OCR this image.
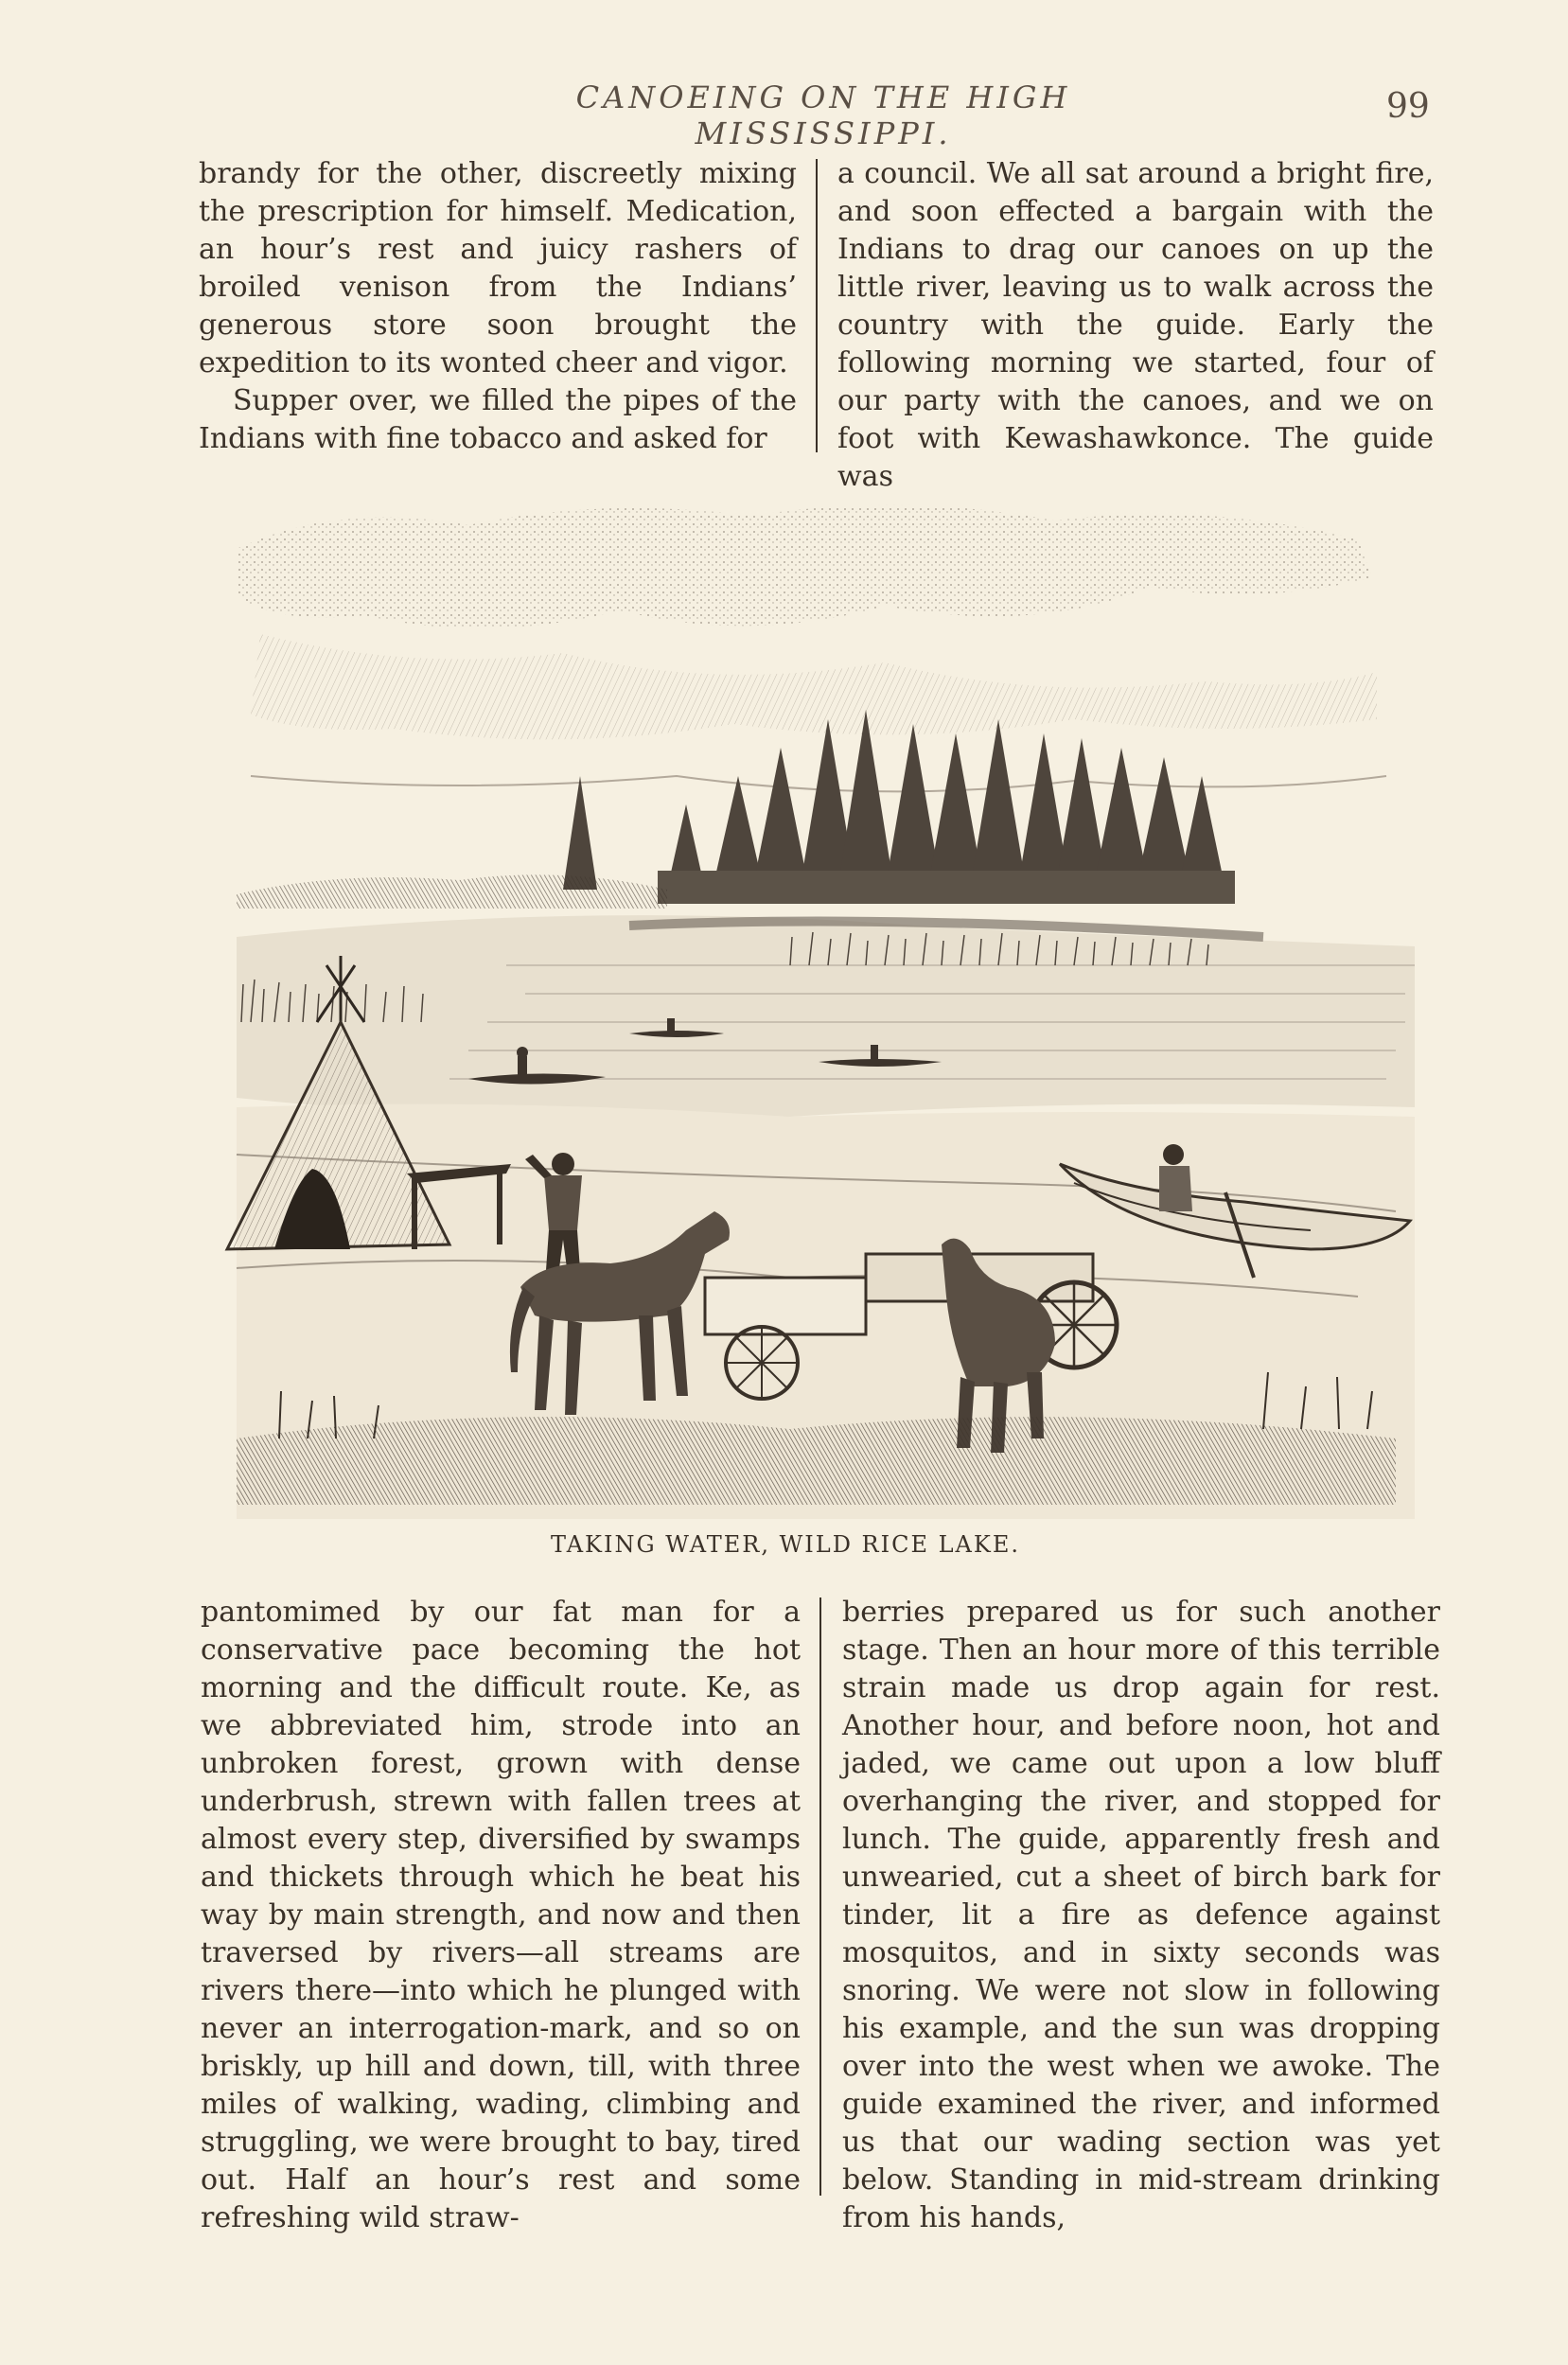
CANOEING ON THE HIGH MISSISSIPPI.
99

brandy for the other, discreetly mixing the prescription for himself. Medication, an hour’s rest and juicy rashers of broiled venison from the Indians’ generous store soon brought the expedition to its wonted cheer and vigor.

Supper over, we filled the pipes of the Indians with fine tobacco and asked for

a council. We all sat around a bright fire, and soon effected a bargain with the Indians to drag our canoes on up the little river, leaving us to walk across the country with the guide. Early the following morning we started, four of our party with the canoes, and we on foot with Kewashawkonce. The guide was

TAKING WATER, WILD RICE LAKE.

pantomimed by our fat man for a conservative pace becoming the hot morning and the difficult route. Ke, as we abbreviated him, strode into an unbroken forest, grown with dense underbrush, strewn with fallen trees at almost every step, diversified by swamps and thickets through which he beat his way by main strength, and now and then traversed by rivers—all streams are rivers there—into which he plunged with never an interrogation-mark, and so on briskly, up hill and down, till, with three miles of walking, wading, climbing and struggling, we were brought to bay, tired out. Half an hour’s rest and some refreshing wild straw-

berries prepared us for such another stage. Then an hour more of this terrible strain made us drop again for rest. Another hour, and before noon, hot and jaded, we came out upon a low bluff overhanging the river, and stopped for lunch. The guide, apparently fresh and unwearied, cut a sheet of birch bark for tinder, lit a fire as defence against mosquitos, and in sixty seconds was snoring. We were not slow in following his example, and the sun was dropping over into the west when we awoke. The guide examined the river, and informed us that our wading section was yet below. Standing in mid-stream drinking from his hands,
